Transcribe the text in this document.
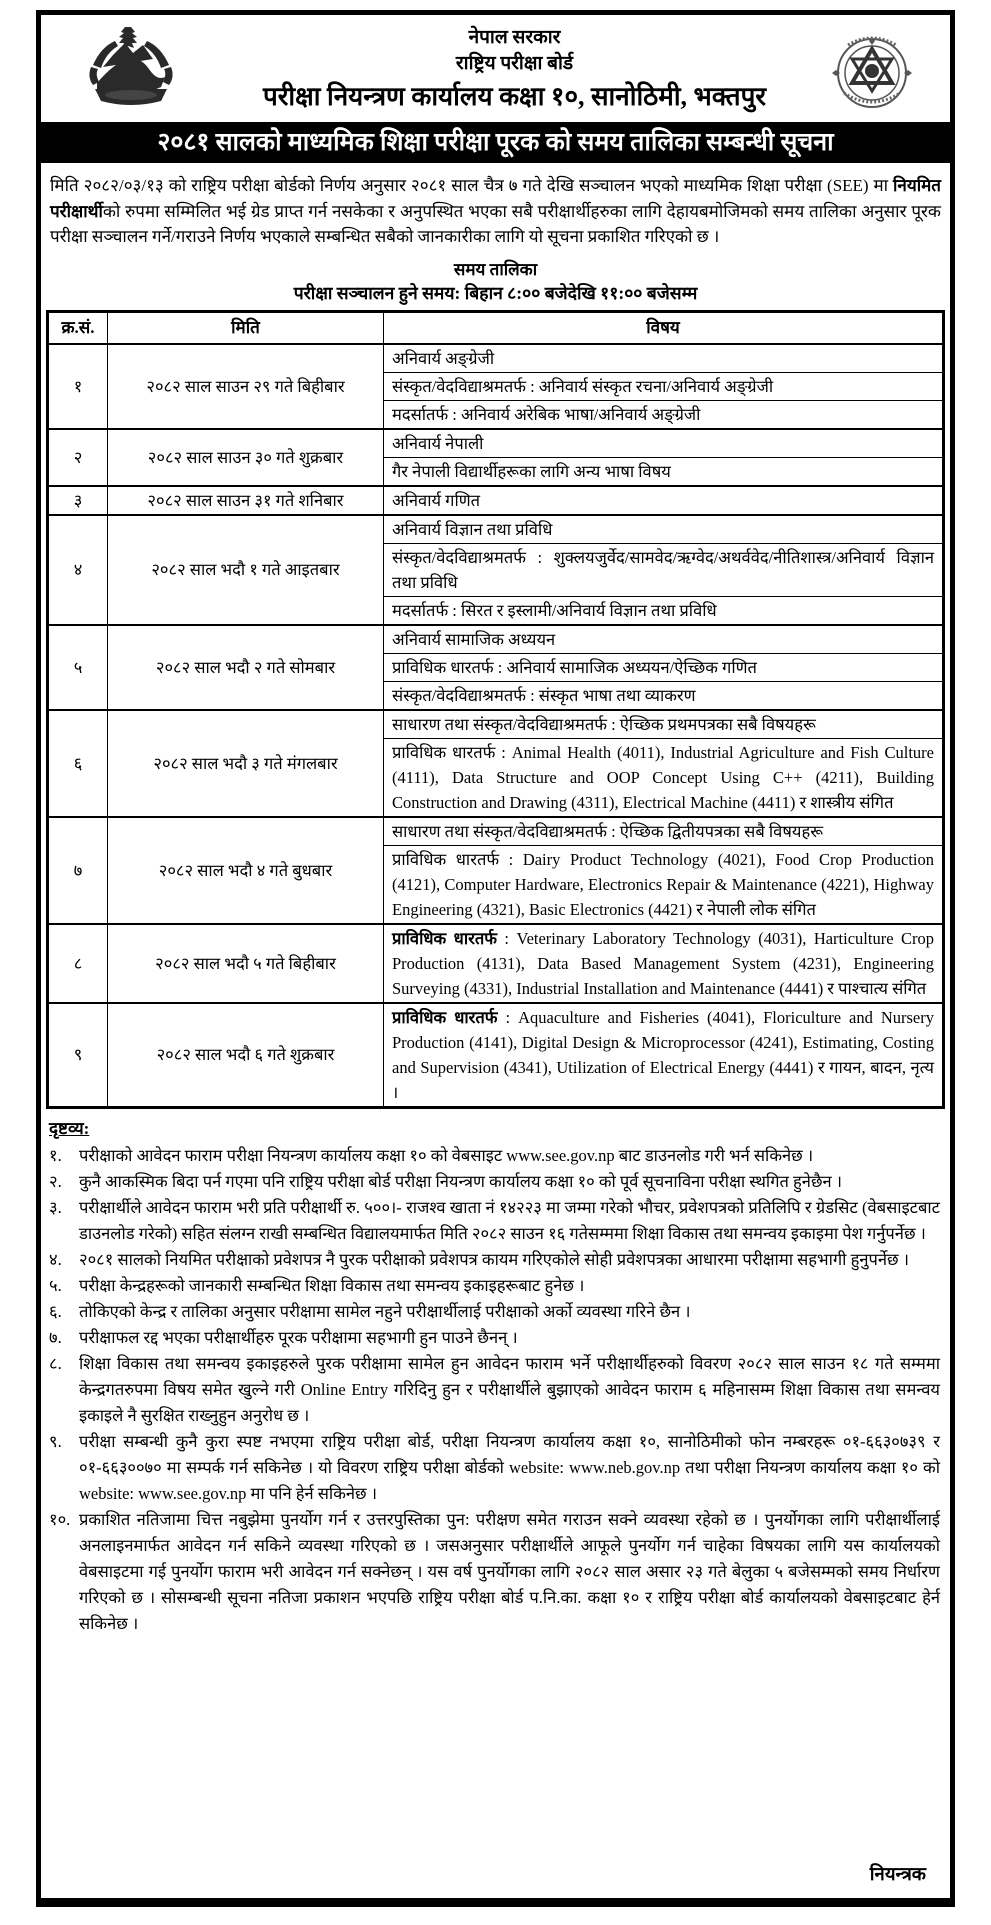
नेपाल सरकार
राष्ट्रिय परीक्षा बोर्ड
परीक्षा नियन्त्रण कार्यालय कक्षा १०, सानोठिमी, भक्तपुर
२०८१ सालको माध्यमिक शिक्षा परीक्षा पूरक को समय तालिका सम्बन्धी सूचना
मिति २०८२/०३/१३ को राष्ट्रिय परीक्षा बोर्डको निर्णय अनुसार २०८१ साल चैत्र ७ गते देखि सञ्चालन भएको माध्यमिक शिक्षा परीक्षा (SEE) मा नियमित परीक्षार्थीको रुपमा सम्मिलित भई ग्रेड प्राप्त गर्न नसकेका र अनुपस्थित भएका सबै परीक्षार्थीहरुका लागि देहायबमोजिमको समय तालिका अनुसार पूरक परीक्षा सञ्चालन गर्ने/गराउने निर्णय भएकाले सम्बन्धित सबैको जानकारीका लागि यो सूचना प्रकाशित गरिएको छ ।
समय तालिका
परीक्षा सञ्चालन हुने समय: बिहान ८:०० बजेदेखि ११:०० बजेसम्म
क्र.सं.	मिति	विषय
१	२०८२ साल साउन २९ गते बिहीबार	अनिवार्य अङ्ग्रेजी
		संस्कृत/वेदविद्याश्रमतर्फ : अनिवार्य संस्कृत रचना/अनिवार्य अङ्ग्रेजी
		मदर्सातर्फ : अनिवार्य अरेबिक भाषा/अनिवार्य अङ्ग्रेजी
२	२०८२ साल साउन ३० गते शुक्रबार	अनिवार्य नेपाली
		गैर नेपाली विद्यार्थीहरूका लागि अन्य भाषा विषय
३	२०८२ साल साउन ३१ गते शनिबार	अनिवार्य गणित
४	२०८२ साल भदौ १ गते आइतबार	अनिवार्य विज्ञान तथा प्रविधि
		संस्कृत/वेदविद्याश्रमतर्फ : शुक्लयजुर्वेद/सामवेद/ऋग्वेद/अथर्ववेद/नीतिशास्त्र/अनिवार्य विज्ञान तथा प्रविधि
		मदर्सातर्फ : सिरत र इस्लामी/अनिवार्य विज्ञान तथा प्रविधि
५	२०८२ साल भदौ २ गते सोमबार	अनिवार्य सामाजिक अध्ययन
		प्राविधिक धारतर्फ : अनिवार्य सामाजिक अध्ययन/ऐच्छिक गणित
		संस्कृत/वेदविद्याश्रमतर्फ : संस्कृत भाषा तथा व्याकरण
६	२०८२ साल भदौ ३ गते मंगलबार	साधारण तथा संस्कृत/वेदविद्याश्रमतर्फ : ऐच्छिक प्रथमपत्रका सबै विषयहरू
		प्राविधिक धारतर्फ : Animal Health (4011), Industrial Agriculture and Fish Culture (4111), Data Structure and OOP Concept Using C++ (4211), Building Construction and Drawing (4311), Electrical Machine (4411) र शास्त्रीय संगित
७	२०८२ साल भदौ ४ गते बुधबार	साधारण तथा संस्कृत/वेदविद्याश्रमतर्फ : ऐच्छिक द्वितीयपत्रका सबै विषयहरू
		प्राविधिक धारतर्फ : Dairy Product Technology (4021), Food Crop Production (4121), Computer Hardware, Electronics Repair & Maintenance (4221), Highway Engineering (4321), Basic Electronics (4421) र नेपाली लोक संगित
८	२०८२ साल भदौ ५ गते बिहीबार	प्राविधिक धारतर्फ : Veterinary Laboratory Technology (4031), Harticulture Crop Production (4131), Data Based Management System (4231), Engineering Surveying (4331), Industrial Installation and Maintenance (4441) र पाश्चात्य संगित
९	२०८२ साल भदौ ६ गते शुक्रबार	प्राविधिक धारतर्फ : Aquaculture and Fisheries (4041), Floriculture and Nursery Production (4141), Digital Design & Microprocessor (4241), Estimating, Costing and Supervision (4341), Utilization of Electrical Energy (4441) र गायन, बादन, नृत्य ।
दृष्टव्य:
१.	परीक्षाको आवेदन फाराम परीक्षा नियन्त्रण कार्यालय कक्षा १० को वेबसाइट www.see.gov.np बाट डाउनलोड गरी भर्न सकिनेछ ।
२.	कुनै आकस्मिक बिदा पर्न गएमा पनि राष्ट्रिय परीक्षा बोर्ड परीक्षा नियन्त्रण कार्यालय कक्षा १० को पूर्व सूचनाविना परीक्षा स्थगित हुनेछैन ।
३.	परीक्षार्थीले आवेदन फाराम भरी प्रति परीक्षार्थी रु. ५००।- राजश्व खाता नं १४२२३ मा जम्मा गरेको भौचर, प्रवेशपत्रको प्रतिलिपि र ग्रेडसिट (वेबसाइटबाट डाउनलोड गरेको) सहित संलग्न राखी सम्बन्धित विद्यालयमार्फत मिति २०८२ साउन १६ गतेसम्ममा शिक्षा विकास तथा समन्वय इकाइमा पेश गर्नुपर्नेछ ।
४.	२०८१ सालको नियमित परीक्षाको प्रवेशपत्र नै पुरक परीक्षाको प्रवेशपत्र कायम गरिएकोले सोही प्रवेशपत्रका आधारमा परीक्षामा सहभागी हुनुपर्नेछ ।
५.	परीक्षा केन्द्रहरूको जानकारी सम्बन्धित शिक्षा विकास तथा समन्वय इकाइहरूबाट हुनेछ ।
६.	तोकिएको केन्द्र र तालिका अनुसार परीक्षामा सामेल नहुने परीक्षार्थीलाई परीक्षाको अर्को व्यवस्था गरिने छैन ।
७.	परीक्षाफल रद्द भएका परीक्षार्थीहरु पूरक परीक्षामा सहभागी हुन पाउने छैनन् ।
८.	शिक्षा विकास तथा समन्वय इकाइहरुले पुरक परीक्षामा सामेल हुन आवेदन फाराम भर्ने परीक्षार्थीहरुको विवरण २०८२ साल साउन १८ गते सम्ममा केन्द्रगतरुपमा विषय समेत खुल्ने गरी Online Entry गरिदिनु हुन र परीक्षार्थीले बुझाएको आवेदन फाराम ६ महिनासम्म शिक्षा विकास तथा समन्वय इकाइले नै सुरक्षित राख्नुहुन अनुरोध छ ।
९.	परीक्षा सम्बन्धी कुनै कुरा स्पष्ट नभएमा राष्ट्रिय परीक्षा बोर्ड, परीक्षा नियन्त्रण कार्यालय कक्षा १०, सानोठिमीको फोन नम्बरहरू ०१-६६३०७३९ र ०१-६६३००७० मा सम्पर्क गर्न सकिनेछ । यो विवरण राष्ट्रिय परीक्षा बोर्डको website: www.neb.gov.np तथा परीक्षा नियन्त्रण कार्यालय कक्षा १० को website: www.see.gov.np मा पनि हेर्न सकिनेछ ।
१०. प्रकाशित नतिजामा चित्त नबुझेमा पुनर्योग गर्न र उत्तरपुस्तिका पुन: परीक्षण समेत गराउन सक्ने व्यवस्था रहेको छ । पुनर्योगका लागि परीक्षार्थीलाई अनलाइनमार्फत आवेदन गर्न सकिने व्यवस्था गरिएको छ । जसअनुसार परीक्षार्थीले आफूले पुनर्योग गर्न चाहेका विषयका लागि यस कार्यालयको वेबसाइटमा गई पुनर्योग फाराम भरी आवेदन गर्न सक्नेछन् । यस वर्ष पुनर्योगका लागि २०८२ साल असार २३ गते बेलुका ५ बजेसम्मको समय निर्धारण गरिएको छ । सोसम्बन्धी सूचना नतिजा प्रकाशन भएपछि राष्ट्रिय परीक्षा बोर्ड प.नि.का. कक्षा १० र राष्ट्रिय परीक्षा बोर्ड कार्यालयको वेबसाइटबाट हेर्न सकिनेछ ।
नियन्त्रक
